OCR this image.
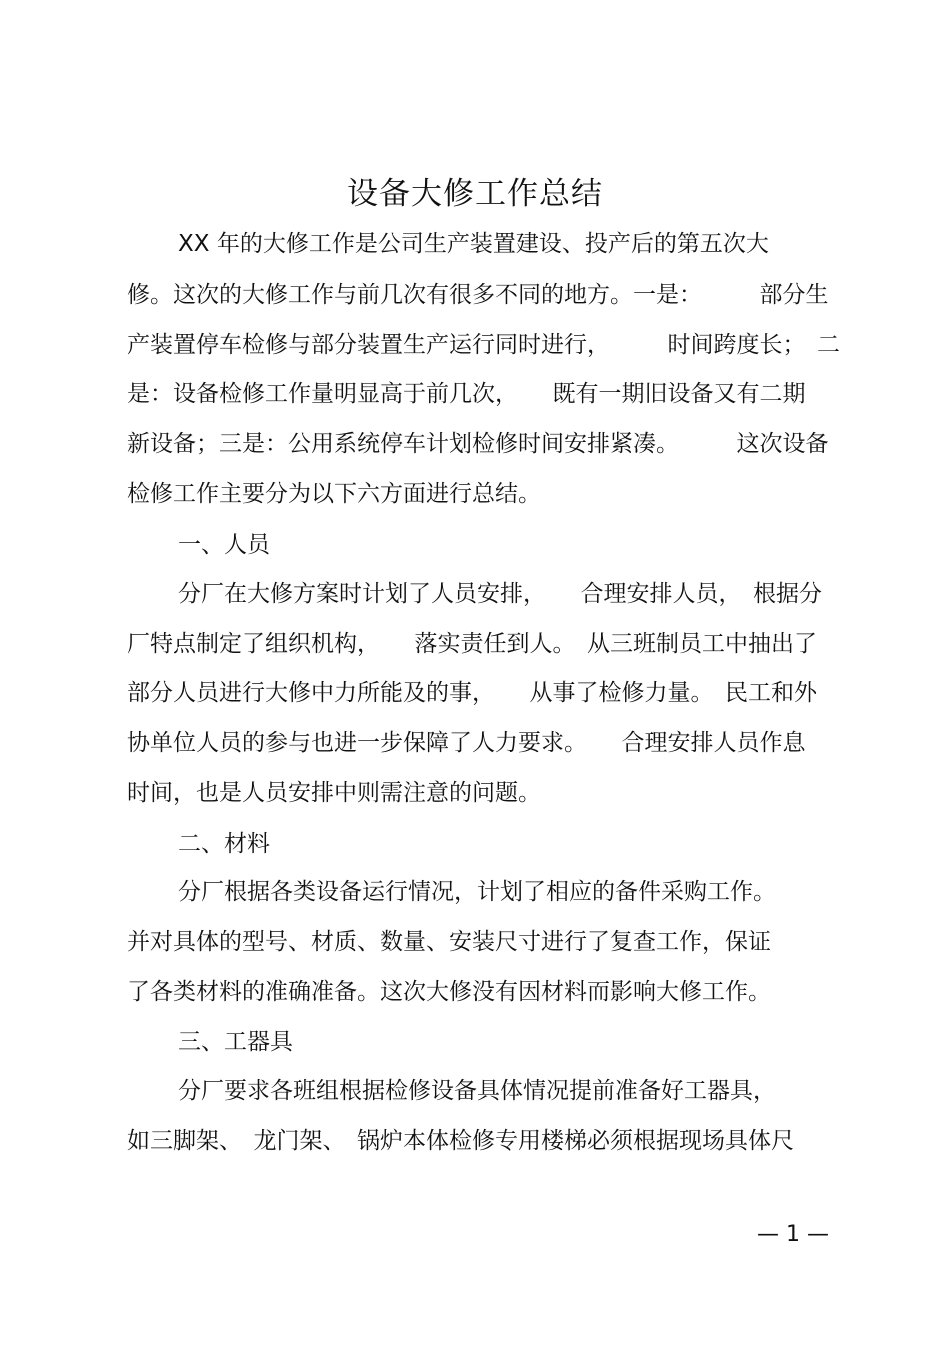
设备大修工作总结
XX 年的大修工作是公司生产装置建设、投产后的第五次大
修。这次的大修工作与前几次有很多不同的地方。一是：　　　部分生
产装置停车检修与部分装置生产运行同时进行，　　　时间跨度长；　二
是：设备检修工作量明显高于前几次，　　既有一期旧设备又有二期
新设备；三是：公用系统停车计划检修时间安排紧凑。　　　这次设备
检修工作主要分为以下六方面进行总结。
一、人员
分厂在大修方案时计划了人员安排，　　合理安排人员，　根据分
厂特点制定了组织机构，　　落实责任到人。　从三班制员工中抽出了
部分人员进行大修中力所能及的事，　　从事了检修力量。　民工和外
协单位人员的参与也进一步保障了人力要求。　　合理安排人员作息
时间，也是人员安排中则需注意的问题。
二、材料
分厂根据各类设备运行情况，计划了相应的备件采购工作。
并对具体的型号、材质、数量、安装尺寸进行了复查工作，保证
了各类材料的准确准备。这次大修没有因材料而影响大修工作。
三、工器具
分厂要求各班组根据检修设备具体情况提前准备好工器具，
如三脚架、　龙门架、　锅炉本体检修专用楼梯必须根据现场具体尺
— 1 —
